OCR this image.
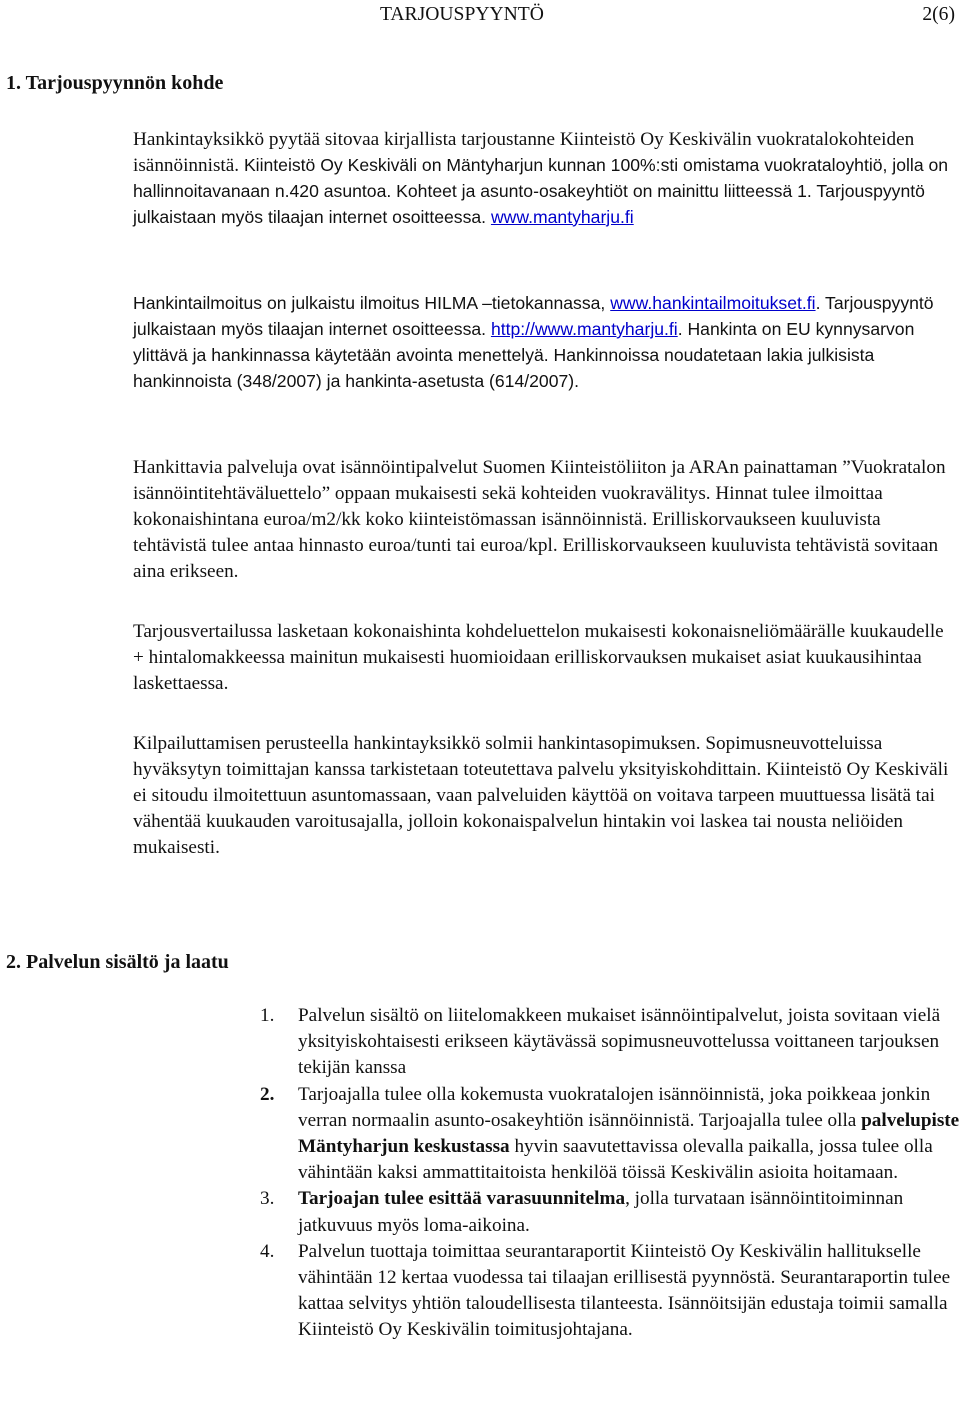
TARJOUSPYYNTÖ	2(6)
1. Tarjouspyynnön kohde

Hankintayksikkö pyytää sitovaa kirjallista tarjoustanne Kiinteistö Oy Keskivälin vuokratalokohteiden isännöinnistä. Kiinteistö Oy Keskiväli on Mäntyharjun kunnan 100%:sti omistama vuokrataloyhtiö, jolla on hallinnoitavanaan n.420 asuntoa. Kohteet ja asunto-osakeyhtiöt on mainittu liitteessä 1. Tarjouspyyntö julkaistaan myös tilaajan internet osoitteessa. www.mantyharju.fi

Hankintailmoitus on julkaistu ilmoitus HILMA –tietokannassa, www.hankintailmoitukset.fi. Tarjouspyyntö julkaistaan myös tilaajan internet osoitteessa. http://www.mantyharju.fi. Hankinta on EU kynnysarvon ylittävä ja hankinnassa käytetään avointa menettelyä. Hankinnoissa noudatetaan lakia julkisista hankinnoista (348/2007) ja hankinta-asetusta (614/2007).

Hankittavia palveluja ovat isännöintipalvelut Suomen Kiinteistöliiton ja ARAn painattaman ”Vuokratalon isännöintitehtäväluettelo” oppaan mukaisesti sekä kohteiden vuokravälitys. Hinnat tulee ilmoittaa kokonaishintana euroa/m2/kk koko kiinteistömassan isännöinnistä. Erilliskorvaukseen kuuluvista tehtävistä tulee antaa hinnasto euroa/tunti tai euroa/kpl. Erilliskorvaukseen kuuluvista tehtävistä sovitaan aina erikseen.

Tarjousvertailussa lasketaan kokonaishinta kohdeluettelon mukaisesti kokonaisneliömäärälle kuukaudelle + hintalomakkeessa mainitun mukaisesti huomioidaan erilliskorvauksen mukaiset asiat kuukausihintaa laskettaessa.

Kilpailuttamisen perusteella hankintayksikkö solmii hankintasopimuksen. Sopimusneuvotteluissa hyväksytyn toimittajan kanssa tarkistetaan toteutettava palvelu yksityiskohdittain. Kiinteistö Oy Keskiväli ei sitoudu ilmoitettuun asuntomassaan, vaan palveluiden käyttöä on voitava tarpeen muuttuessa lisätä tai vähentää kuukauden varoitusajalla, jolloin kokonaispalvelun hintakin voi laskea tai nousta neliöiden mukaisesti.

2. Palvelun sisältö ja laatu
1. Palvelun sisältö on liitelomakkeen mukaiset isännöintipalvelut, joista sovitaan vielä yksityiskohtaisesti erikseen käytävässä sopimusneuvottelussa voittaneen tarjouksen tekijän kanssa
2. Tarjoajalla tulee olla kokemusta vuokratalojen isännöinnistä, joka poikkeaa jonkin verran normaalin asunto-osakeyhtiön isännöinnistä. Tarjoajalla tulee olla palvelupiste Mäntyharjun keskustassa hyvin saavutettavissa olevalla paikalla, jossa tulee olla vähintään kaksi ammattitaitoista henkilöä töissä Keskivälin asioita hoitamaan.
3. Tarjoajan tulee esittää varasuunnitelma, jolla turvataan isännöintitoiminnan jatkuvuus myös loma-aikoina.
4. Palvelun tuottaja toimittaa seurantaraportit Kiinteistö Oy Keskivälin hallitukselle vähintään 12 kertaa vuodessa tai tilaajan erillisestä pyynnöstä. Seurantaraportin tulee kattaa selvitys yhtiön taloudellisesta tilanteesta. Isännöitsijän edustaja toimii samalla Kiinteistö Oy Keskivälin toimitusjohtajana.
